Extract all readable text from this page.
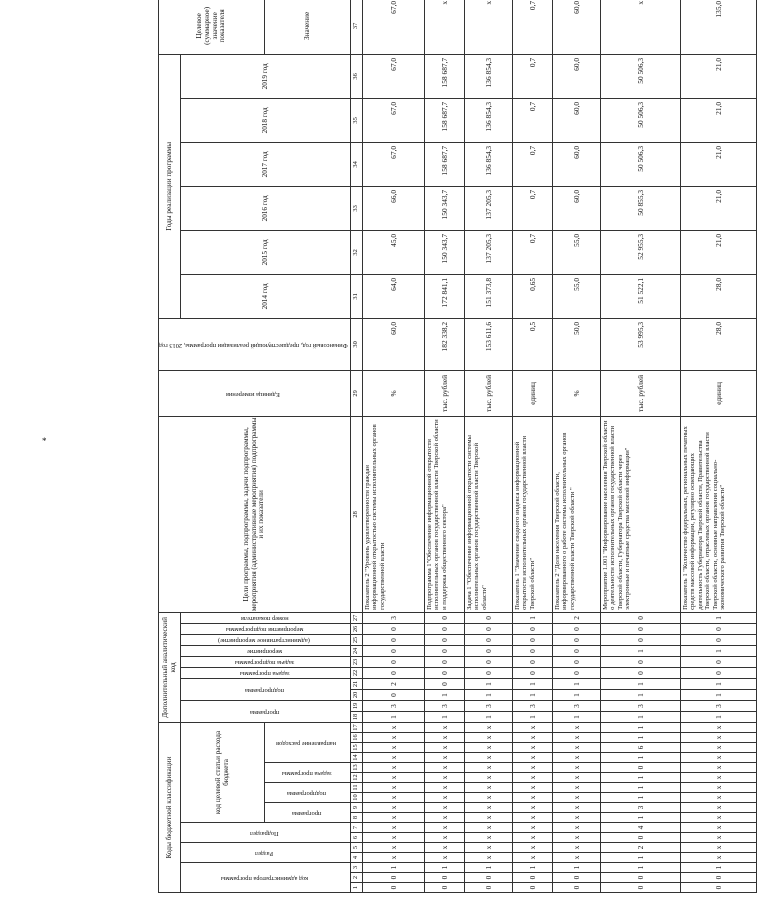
*
Коды бюджетной классификации																	Дополнительный аналитический код										Цели программы, подпрограммы, задачи подпрограммы, мероприятия (административные мероприятия) подпрограммы и их показатели	Единица измерения	Финансовый год, предшествующий реализации программы, 2013 год	Годы реализации программы						Целевое (суммарное) значение показателя
код администратора программы			Раздел		Подраздел		код целевой статьи расхода бюджета										программа		подпрограмма		задача программы	задача подпрограммы	мероприятие	(административное мероприятие)	мероприятия подпрограммы	номер показателя				2014 год	2015 год	2016 год	2017 год	2018 год	2019 год	
							программа		подпрограмма		задача программы		направление расходов																							Значение
1	2	3	4	5	6	7	8	9	10	11	12	13	14	15	16	17	18	19	20	21	22	23	24	25	26	27	28	29	30	31	32	33	34	35	36	37
0	0	1	x	x	x	x	x	x	x	x	x	x	x	x	x	x	1	3	0	2	0	0	0	0	0	3	Показатель 2 "Уровень удовлетворенности граждан информационной открытостью системы исполнительных органов государственной власти	%	60,0	64,0	45,0	66,0	67,0	67,0	67,0	67,0
0	0	1	x	x	x	x	x	x	x	x	x	x	x	x	x	x	1	3	1	0	0	0	0	0	0	0	Подпрограмма 1"Обеспечение информационной открытости исполнительных органов государственной власти Тверской области и поддержка общественного сектора"	тыс. рублей	182 338,2	172 841,1	150 343,7	150 343,7	158 687,7	158 687,7	158 687,7	x
0	0	1	x	x	x	x	x	x	x	x	x	x	x	x	x	x	1	3	1	1	0	0	0	0	0	0	Задача 1 "Обеспечение информационной открытости системы исполнительных органов государственной власти Тверской области"	тыс. рублей	153 611,6	151 373,8	137 205,3	137 205,3	136 854,3	136 854,3	136 854,3	x
0	0	1	x	x	x	x	x	x	x	x	x	x	x	x	x	x	1	3	1	1	0	0	0	0	0	1	Показатель 1 "Значение сводного индекса информационной открытости исполнительных органов государственной власти Тверской области"	единиц	0,5	0,65	0,7	0,7	0,7	0,7	0,7	0,7
0	0	1	x	x	x	x	x	x	x	x	x	x	x	x	x	x	1	3	1	1	0	0	0	0	0	2	Показатель 2 "Доля населения Тверской области, информированного о работе системы исполнительных органов государственной власти Тверской области "	%	50,0	55,0	55,0	60,0	60,0	60,0	60,0	60,0
0	0	1	1	2	0	4	1	3	1	1	1	0	1	6	1	1	1	3	1	1	0	0	1	0	0	0	Мероприятие 1.001 "Информирование населения Тверской области о деятельности исполнительных органов государственной власти Тверской области, Губернатора Тверской области через электронные и печатные средства массовой информации"	тыс. рублей	53 995,3	51 522,1	52 955,3	50 855,3	50 506,3	50 506,3	50 506,3	x
0	0	1	x	x	x	x	x	x	x	x	x	x	x	x	x	x	1	3	1	1	0	0	1	0	0	1	Показатель 1 "Количество федеральных, региональных печатных средств массовой информации, регулярно освещающих деятельность Губернатора Тверской области, Правительства Тверской области, отраслевых органов государственной власти Тверской области, основные направления социально-экономического развития Тверской области"	единиц	28,0	28,0	21,0	21,0	21,0	21,0	21,0	135,0
